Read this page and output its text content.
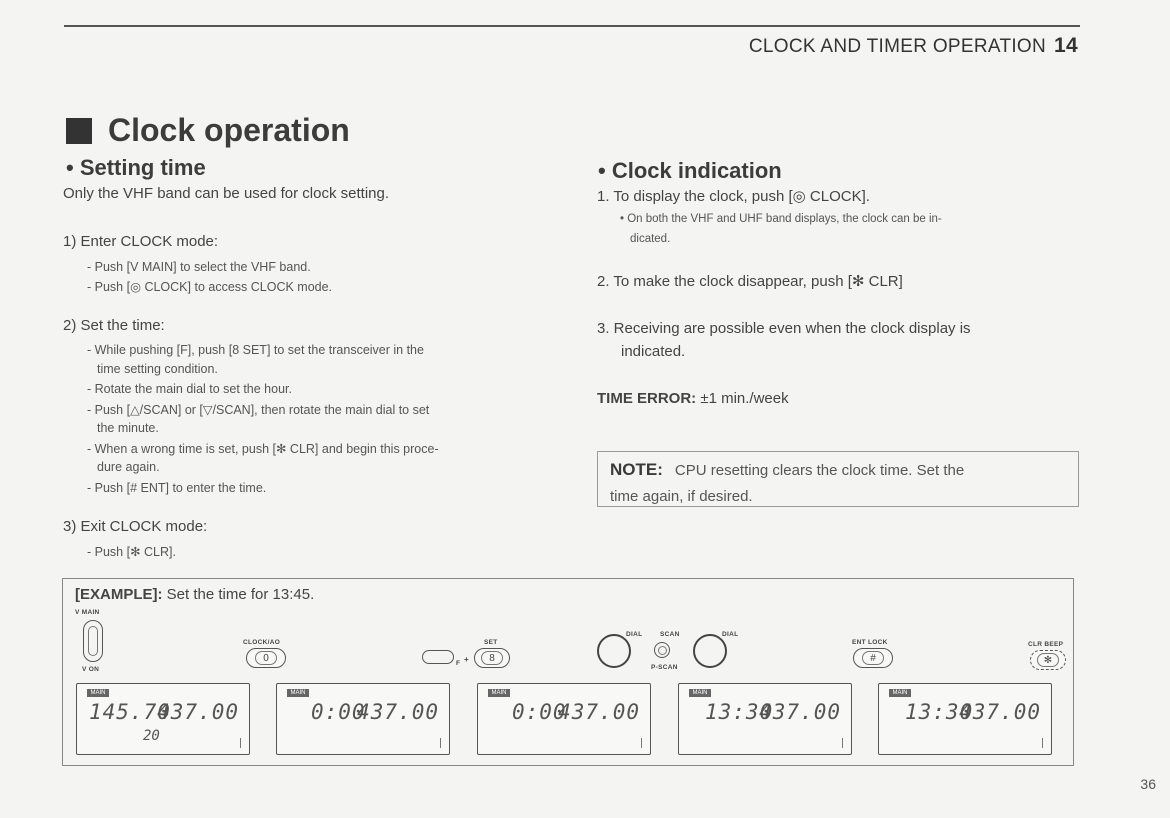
CLOCK AND TIMER OPERATION 14
Clock operation
• Setting time
Only the VHF band can be used for clock setting.
1) Enter CLOCK mode:
- Push [V MAIN] to select the VHF band.
- Push [◎ CLOCK] to access CLOCK mode.
2) Set the time:
- While pushing [F], push [8 SET] to set the transceiver in the
time setting condition.
- Rotate the main dial to set the hour.
- Push [△/SCAN] or [▽/SCAN], then rotate the main dial to set
the minute.
- When a wrong time is set, push [✻ CLR] and begin this proce-
dure again.
- Push [# ENT] to enter the time.
3) Exit CLOCK mode:
- Push [✻ CLR].
• Clock indication
1. To display the clock, push [◎ CLOCK].
• On both the VHF and UHF band displays, the clock can be in-
dicated.
2. To make the clock disappear, push [✻ CLR]
3. Receiving are possible even when the clock display is
indicated.
TIME ERROR: ±1 min./week
NOTE: CPU resetting clears the clock time. Set the
time again, if desired.
[EXAMPLE]: Set the time for 13:45.
V MAIN
V ON
CLOCK/AO
0	F +
SET
8
DIAL	SCAN
P-SCAN
DIAL
ENT LOCK
#
CLR BEEP
✻
MAIN
145.70
437.00
20
MAIN
0:00
437.00
MAIN
0:00
437.00
MAIN
13:30
437.00
MAIN
13:30
437.00
36
